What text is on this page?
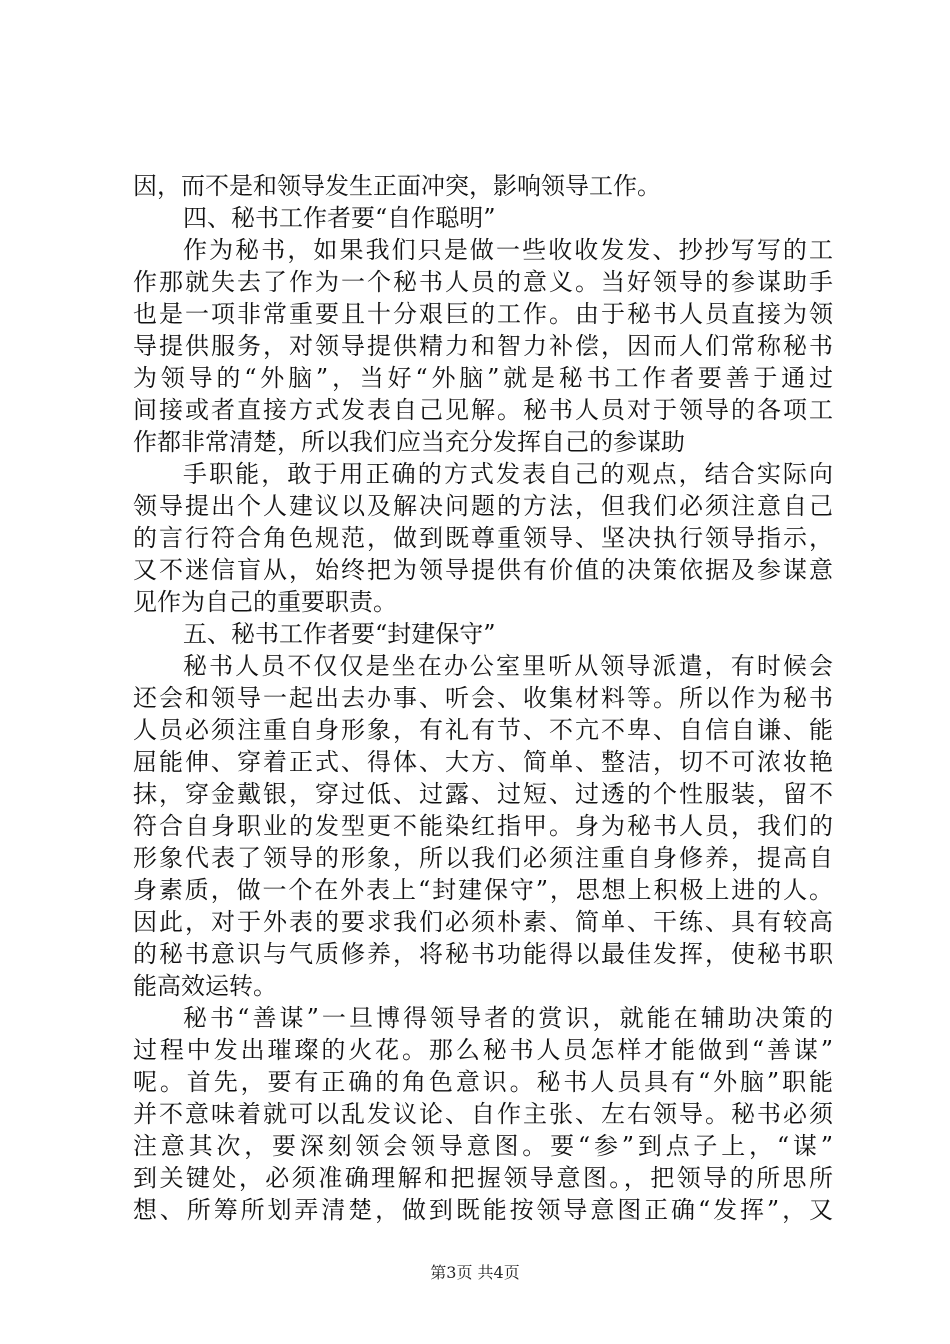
因，而不是和领导发生正面冲突，影响领导工作。
四、秘书工作者要“自作聪明”
作为秘书，如果我们只是做一些收收发发、抄抄写写的工
作那就失去了作为一个秘书人员的意义。当好领导的参谋助手
也是一项非常重要且十分艰巨的工作。由于秘书人员直接为领
导提供服务，对领导提供精力和智力补偿，因而人们常称秘书
为领导的“外脑”，当好“外脑”就是秘书工作者要善于通过
间接或者直接方式发表自己见解。秘书人员对于领导的各项工
作都非常清楚，所以我们应当充分发挥自己的参谋助
手职能，敢于用正确的方式发表自己的观点，结合实际向
领导提出个人建议以及解决问题的方法，但我们必须注意自己
的言行符合角色规范，做到既尊重领导、坚决执行领导指示，
又不迷信盲从，始终把为领导提供有价值的决策依据及参谋意
见作为自己的重要职责。
五、秘书工作者要“封建保守”
秘书人员不仅仅是坐在办公室里听从领导派遣，有时候会
还会和领导一起出去办事、听会、收集材料等。所以作为秘书
人员必须注重自身形象，有礼有节、不亢不卑、自信自谦、能
屈能伸、穿着正式、得体、大方、简单、整洁，切不可浓妆艳
抹，穿金戴银，穿过低、过露、过短、过透的个性服装，留不
符合自身职业的发型更不能染红指甲。身为秘书人员，我们的
形象代表了领导的形象，所以我们必须注重自身修养，提高自
身素质，做一个在外表上“封建保守”，思想上积极上进的人。
因此，对于外表的要求我们必须朴素、简单、干练、具有较高
的秘书意识与气质修养，将秘书功能得以最佳发挥，使秘书职
能高效运转。
秘书“善谋”一旦博得领导者的赏识，就能在辅助决策的
过程中发出璀璨的火花。那么秘书人员怎样才能做到“善谋”
呢。首先，要有正确的角色意识。秘书人员具有“外脑”职能
并不意味着就可以乱发议论、自作主张、左右领导。秘书必须
注意其次，要深刻领会领导意图。要“参”到点子上，“谋”
到关键处，必须准确理解和把握领导意图。，把领导的所思所
想、所筹所划弄清楚，做到既能按领导意图正确“发挥”，又
第3页 共4页
